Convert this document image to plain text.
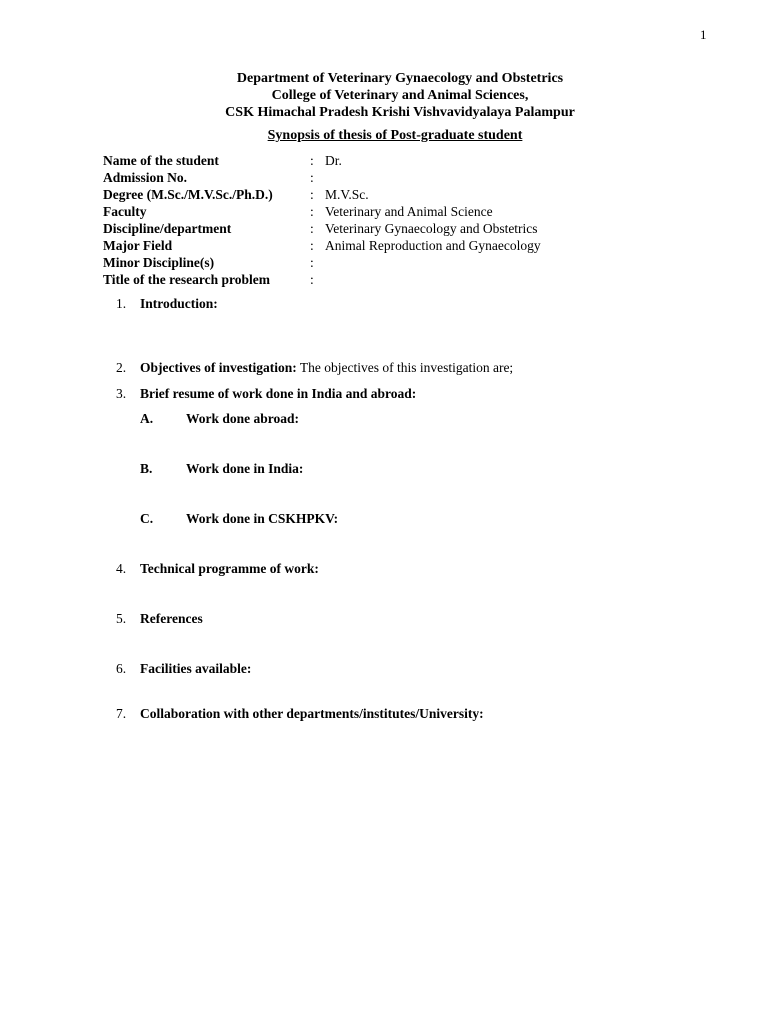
1
Department of Veterinary Gynaecology and Obstetrics
College of Veterinary and Animal Sciences,
CSK Himachal Pradesh Krishi Vishvavidyalaya Palampur
Synopsis of thesis of Post-graduate student
Name of the student	: Dr.
Admission No.	:
Degree (M.Sc./M.V.Sc./Ph.D.)	: M.V.Sc.
Faculty	: Veterinary and Animal Science
Discipline/department	: Veterinary Gynaecology and Obstetrics
Major Field	: Animal Reproduction and Gynaecology
Minor Discipline(s)	:
Title of the research problem	:
1. Introduction:
2. Objectives of investigation: The objectives of this investigation are;
3. Brief resume of work done in India and abroad:
A. Work done abroad:
B. Work done in India:
C. Work done in CSKHPKV:
4. Technical programme of work:
5. References
6. Facilities available:
7. Collaboration with other departments/institutes/University:
